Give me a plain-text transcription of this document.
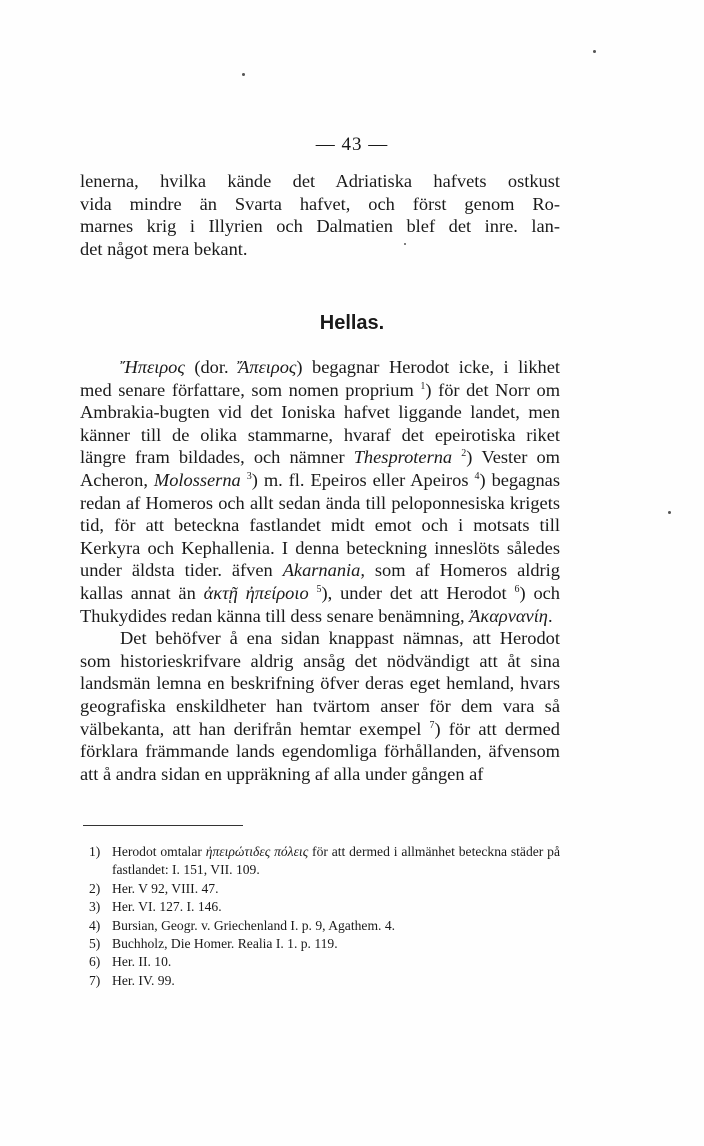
— 43 —
lenerna, hvilka kände det Adriatiska hafvets ostkust
vida mindre än Svarta hafvet, och först genom Ro-
marnes krig i Illyrien och Dalmatien blef det inre. lan-
det något mera bekant.
Hellas.

Ἤπειρος (dor. Ἄπειρος) begagnar Herodot icke, i likhet med senare författare, som nomen proprium $^1$) för det Norr om Ambrakia-bugten vid det Ioniska hafvet liggande landet, men känner till de olika stammarne, hvaraf det epeirotiska riket längre fram bildades, och nämner Thesproterna $^2$) Vester om Acheron, Molosserna $^3$) m. fl. Epeiros eller Apeiros $^4$) begagnas redan af Homeros och allt sedan ända till peloponnesiska krigets tid, för att beteckna fastlandet midt emot och i motsats till Kerkyra och Kephallenia. I denna beteckning inneslöts således under äldsta tider. äfven Akarnania, som af Homeros aldrig kallas annat än ἀκτῇ ἠπείροιο $^5$), under det att Herodot $^6$) och Thukydides redan känna till dess senare benämning, Ἀκαρνανίη.

Det behöfver å ena sidan knappast nämnas, att Herodot som historieskrifvare aldrig ansåg det nödvändigt att åt sina landsmän lemna en beskrifning öfver deras eget hemland, hvars geografiska enskildheter han tvärtom anser för dem vara så välbekanta, att han derifrån hemtar exempel $^7$) för att dermed förklara främmande lands egendomliga förhållanden, äfvensom att å andra sidan en uppräkning af alla under gången af

1) Herodot omtalar ἠπειρώτιδες πόλεις för att dermed i allmänhet beteckna städer på fastlandet: I. 151, VII. 109.
2) Her. V 92, VIII. 47.
3) Her. VI. 127. I. 146.
4) Bursian, Geogr. v. Griechenland I. p. 9, Agathem. 4.
5) Buchholz, Die Homer. Realia I. 1. p. 119.
6) Her. II. 10.
7) Her. IV. 99.
